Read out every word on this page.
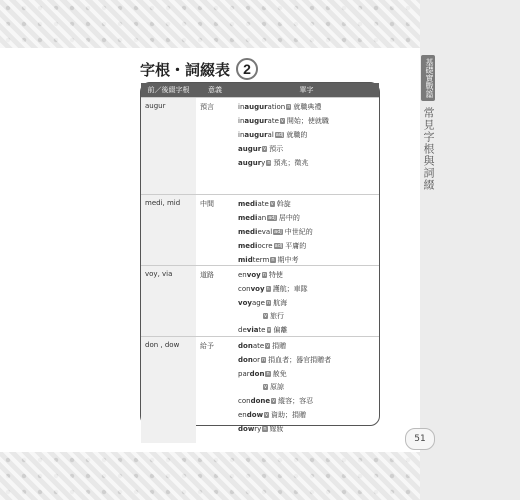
基礎實戰篇
常見字根與詞綴
字根・詞綴表 2
前／後綴字根	意義	單字
augur	預言	inauguration n 就職典禮
inaugurate v 開始；使就職
inaugural adj 就職的
augur v 預示
augury n 預兆；徵兆
medi, mid	中間	mediate v 斡旋
median adj 居中的
medieval adj 中世紀的
mediocre adj 平庸的
midterm n 期中考
voy, via	道路	envoy n 特使
convoy n 護航；車隊
voyage n 航海
v 旅行
deviate v 偏離
don , dow	給予	donate v 捐贈
donor n 捐血者；器官捐贈者
pardon n 赦免
v 原諒
condone v 縱容；容忍
endow v 資助；捐贈
dowry n 嫁妝
51
